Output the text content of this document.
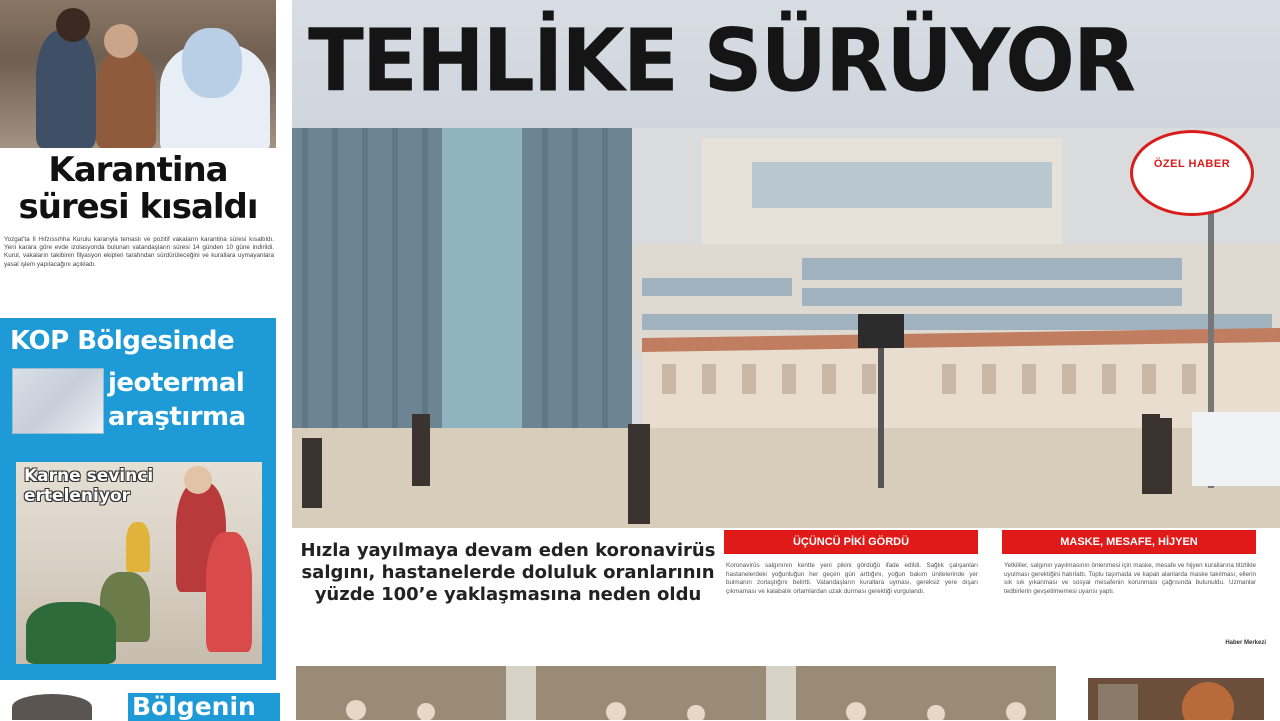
Karantina
süresi kısaldı
Yozgat’ta İl Hıfzıssıhha Kurulu kararıyla temaslı ve pozitif vakaların karantina süresi kısaltıldı. Yeni karara göre evde izolasyonda bulunan vatandaşların süresi 14 günden 10 güne indirildi. Kurul, vakaların takibinin filyasyon ekipleri tarafından sürdürüleceğini ve kurallara uymayanlara yasal işlem yapılacağını açıkladı.
KOP Bölgesinde
jeotermal araştırma
Karne sevinci erteleniyor
Bölgenin
TEHLİKE SÜRÜYOR
ÖZEL HABER
Hızla yayılmaya devam eden koronavirüs salgını, hastanelerde doluluk oranlarının yüzde 100’e yaklaşmasına neden oldu
ÜÇÜNCÜ PİKİ GÖRDÜ
Koronavirüs salgınının kentte yeni pikini gördüğü ifade edildi. Sağlık çalışanları hastanelerdeki yoğunluğun her geçen gün arttığını, yoğun bakım ünitelerinde yer bulmanın zorlaştığını belirtti. Vatandaşların kurallara uyması, gereksiz yere dışarı çıkmaması ve kalabalık ortamlardan uzak durması gerektiği vurgulandı.
MASKE, MESAFE, HİJYEN
Yetkililer, salgının yayılmasının önlenmesi için maske, mesafe ve hijyen kurallarına titizlikle uyulması gerektiğini hatırlattı. Toplu taşımada ve kapalı alanlarda maske takılması, ellerin sık sık yıkanması ve sosyal mesafenin korunması çağrısında bulunuldu. Uzmanlar tedbirlerin gevşetilmemesi uyarısı yaptı.
Haber Merkezi
